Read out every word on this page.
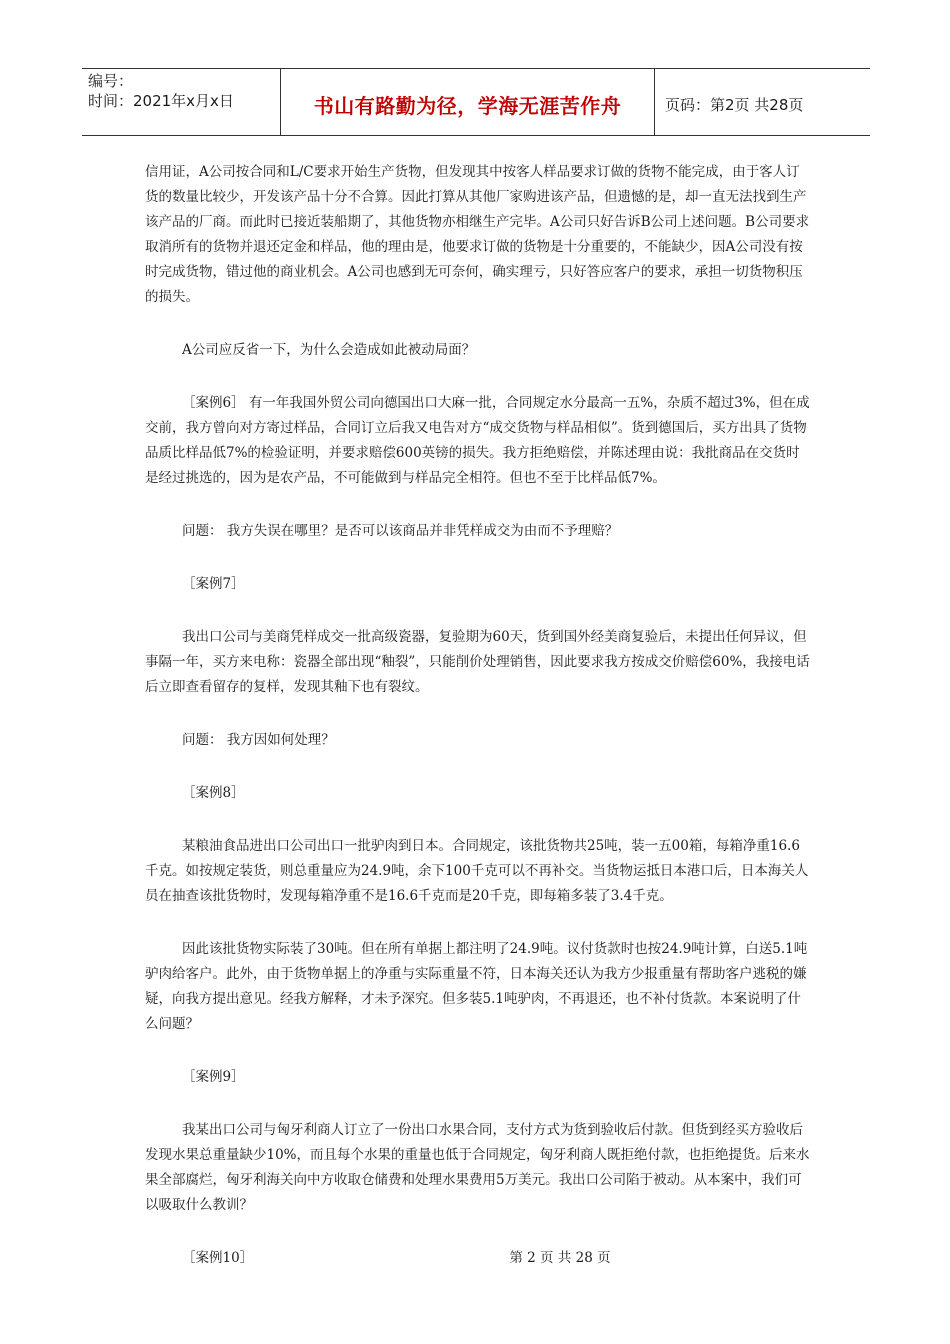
编号：
时间：2021年x月x日	书山有路勤为径，学海无涯苦作舟	页码：第2页 共28页

信用证，A公司按合同和L/C要求开始生产货物，但发现其中按客人样品要求订做的货物不能完成，由于客人订货的数量比较少，开发该产品十分不合算。因此打算从其他厂家购进该产品，但遗憾的是，却一直无法找到生产该产品的厂商。而此时已接近装船期了，其他货物亦相继生产完毕。A公司只好告诉B公司上述问题。B公司要求取消所有的货物并退还定金和样品，他的理由是，他要求订做的货物是十分重要的，不能缺少，因A公司没有按时完成货物，错过他的商业机会。A公司也感到无可奈何，确实理亏，只好答应客户的要求，承担一切货物积压的损失。

A公司应反省一下，为什么会造成如此被动局面？

［案例6］ 有一年我国外贸公司向德国出口大麻一批，合同规定水分最高一五%，杂质不超过3%，但在成交前，我方曾向对方寄过样品，合同订立后我又电告对方“成交货物与样品相似”。货到德国后，买方出具了货物品质比样品低7%的检验证明，并要求赔偿600英镑的损失。我方拒绝赔偿，并陈述理由说：我批商品在交货时是经过挑选的，因为是农产品，不可能做到与样品完全相符。但也不至于比样品低7%。

问题： 我方失误在哪里？是否可以该商品并非凭样成交为由而不予理赔？

［案例7］

我出口公司与美商凭样成交一批高级瓷器，复验期为60天，货到国外经美商复验后，未提出任何异议，但事隔一年，买方来电称：瓷器全部出现“釉裂”，只能削价处理销售，因此要求我方按成交价赔偿60%，我接电话后立即查看留存的复样，发现其釉下也有裂纹。

问题： 我方因如何处理？

［案例8］

某粮油食品进出口公司出口一批驴肉到日本。合同规定，该批货物共25吨，装一五00箱，每箱净重16.6千克。如按规定装货，则总重量应为24.9吨，余下100千克可以不再补交。当货物运抵日本港口后，日本海关人员在抽查该批货物时，发现每箱净重不是16.6千克而是20千克，即每箱多装了3.4千克。

因此该批货物实际装了30吨。但在所有单据上都注明了24.9吨。议付货款时也按24.9吨计算，白送5.1吨驴肉给客户。此外，由于货物单据上的净重与实际重量不符，日本海关还认为我方少报重量有帮助客户逃税的嫌疑，向我方提出意见。经我方解释，才未予深究。但多装5.1吨驴肉，不再退还，也不补付货款。本案说明了什么问题？

［案例9］

我某出口公司与匈牙利商人订立了一份出口水果合同，支付方式为货到验收后付款。但货到经买方验收后发现水果总重量缺少10%，而且每个水果的重量也低于合同规定，匈牙利商人既拒绝付款，也拒绝提货。后来水果全部腐烂，匈牙利海关向中方收取仓储费和处理水果费用5万美元。我出口公司陷于被动。从本案中，我们可以吸取什么教训？

［案例10］	第 2 页 共 28 页
